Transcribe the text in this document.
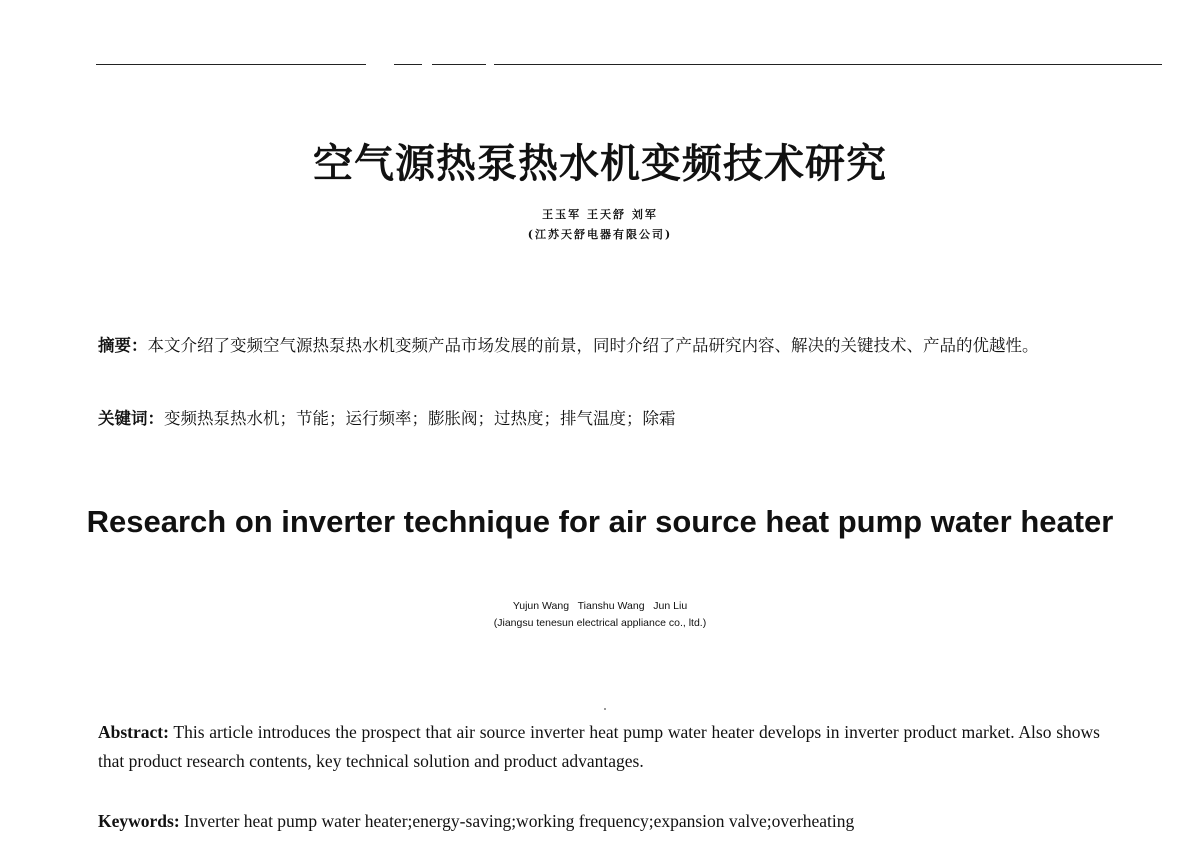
空气源热泵热水机变频技术研究
王玉军 王天舒 刘军
(江苏天舒电器有限公司)
摘要：本文介绍了变频空气源热泵热水机变频产品市场发展的前景，同时介绍了产品研究内容、解决的关键技术、产品的优越性。
关键词：变频热泵热水机；节能；运行频率；膨胀阀；过热度；排气温度；除霜
Research on inverter technique for air source heat pump water heater
Yujun Wang   Tianshu Wang   Jun Liu
(Jiangsu tenesun electrical appliance co., ltd.)
Abstract: This article introduces the prospect that air source inverter heat pump water heater develops in inverter product market. Also shows that product research contents, key technical solution and product advantages.
Keywords: Inverter heat pump water heater;energy-saving;working frequency;expansion valve;overheating
